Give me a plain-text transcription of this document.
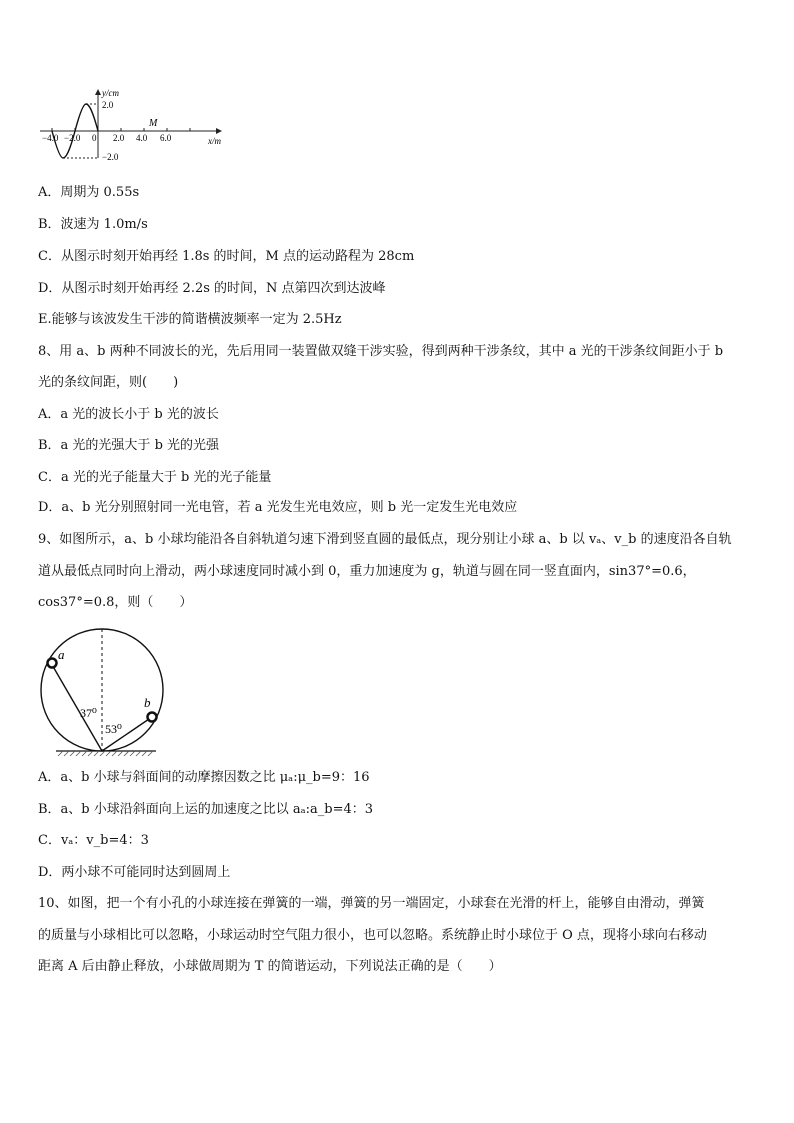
y/cm
2.0
−2.0
M
x/m
−4.0 −2.0 0 2.0 4.0 6.0
A．周期为 0.55s
B．波速为 1.0m/s
C．从图示时刻开始再经 1.8s 的时间，M 点的运动路程为 28cm
D．从图示时刻开始再经 2.2s 的时间，N 点第四次到达波峰
E.能够与该波发生干涉的简谐横波频率一定为 2.5Hz
8、用 a、b 两种不同波长的光，先后用同一装置做双缝干涉实验，得到两种干涉条纹，其中 a 光的干涉条纹间距小于 b
光的条纹间距，则(　　)
A．a 光的波长小于 b 光的波长
B．a 光的光强大于 b 光的光强
C．a 光的光子能量大于 b 光的光子能量
D．a、b 光分别照射同一光电管，若 a 光发生光电效应，则 b 光一定发生光电效应
9、如图所示，a、b 小球均能沿各自斜轨道匀速下滑到竖直圆的最低点，现分别让小球 a、b 以 vₐ、v_b 的速度沿各自轨
道从最低点同时向上滑动，两小球速度同时减小到 0，重力加速度为 g，轨道与圆在同一竖直面内，sin37°=0.6，
cos37°=0.8，则（　　）
a
b
37⁰
53⁰
A．a、b 小球与斜面间的动摩擦因数之比 μₐ:μ_b=9：16
B．a、b 小球沿斜面向上运的加速度之比以 aₐ:a_b=4：3
C．vₐ：v_b=4：3
D．两小球不可能同时达到圆周上
10、如图，把一个有小孔的小球连接在弹簧的一端，弹簧的另一端固定，小球套在光滑的杆上，能够自由滑动，弹簧
的质量与小球相比可以忽略，小球运动时空气阻力很小，也可以忽略。系统静止时小球位于 O 点，现将小球向右移动
距离 A 后由静止释放，小球做周期为 T 的简谐运动，下列说法正确的是（　　）
